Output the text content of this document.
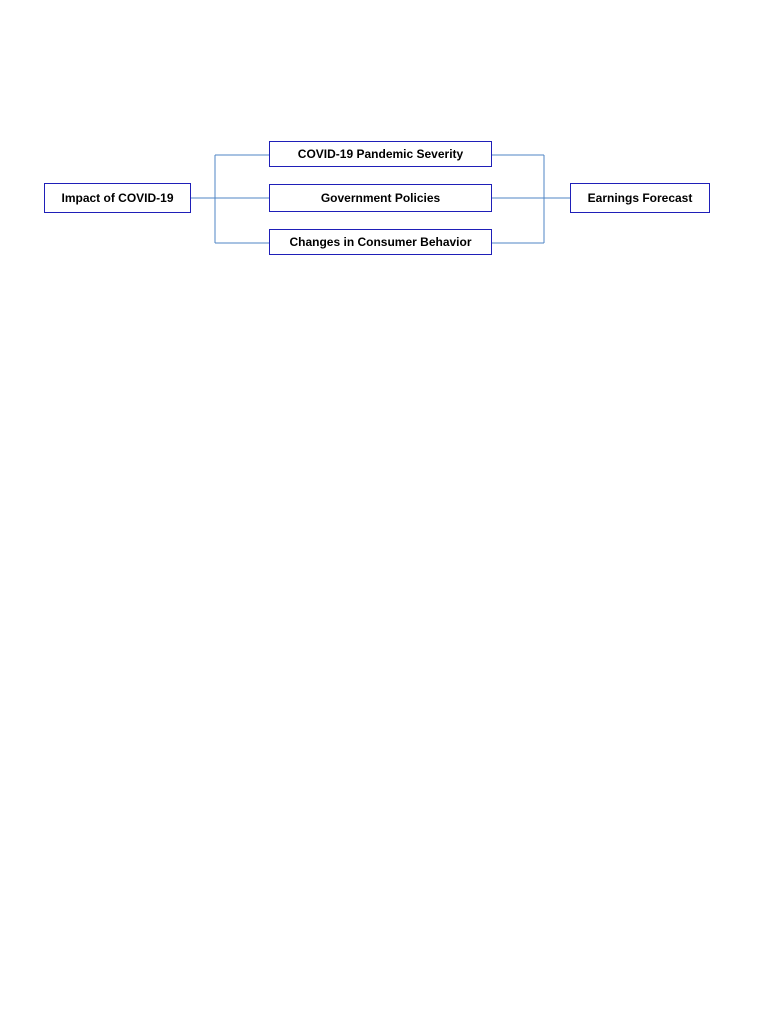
Impact of COVID-19
COVID-19 Pandemic Severity
Government Policies
Changes in Consumer Behavior
Earnings Forecast
